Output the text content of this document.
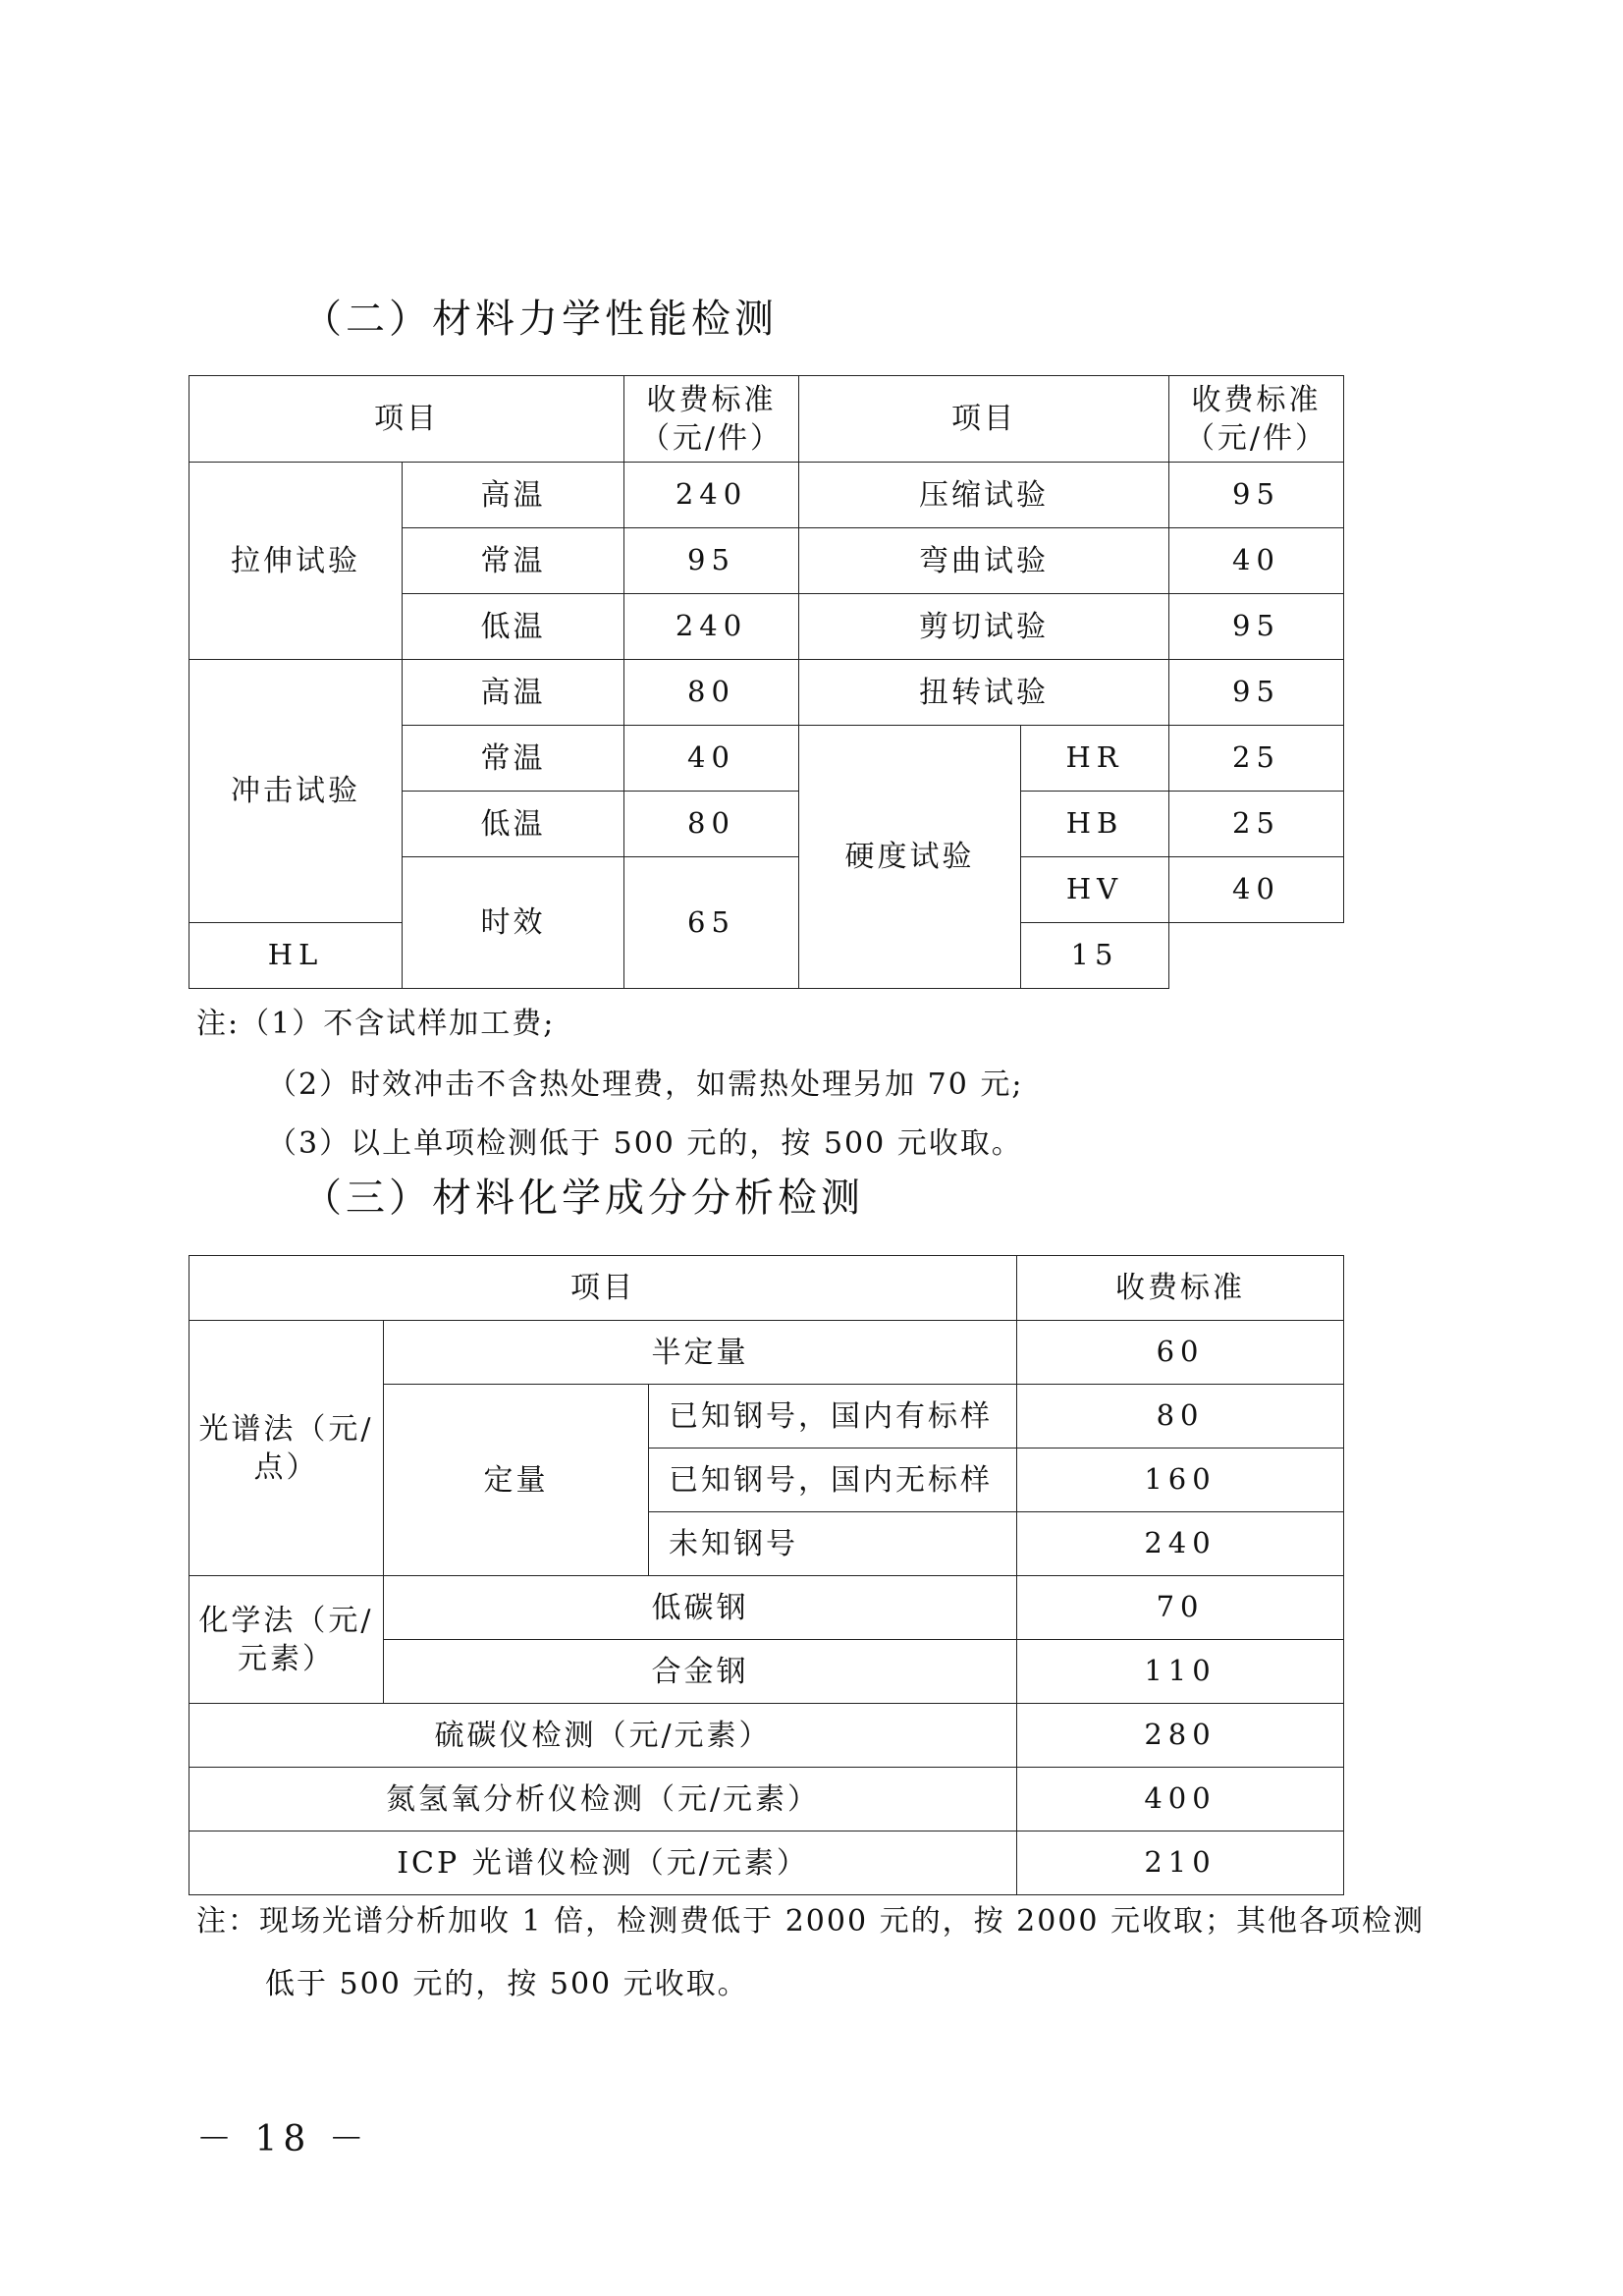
（二）材料力学性能检测
项目		收费标准（元/件）	项目		收费标准（元/件）
拉伸试验	高温	240	压缩试验		95
	常温	95	弯曲试验		40
	低温	240	剪切试验		95
冲击试验	高温	80	扭转试验		95
	常温	40	硬度试验	HR	25
	低温	80		HB	25
	时效	65		HV	40
HL				15	

注:（1）不含试样加工费;

（2）时效冲击不含热处理费，如需热处理另加 70 元;

（3）以上单项检测低于 500 元的，按 500 元收取。

（三）材料化学成分分析检测
项目			收费标准
光谱法（元/点）	半定量		60
	定量	已知钢号，国内有标样	80
		已知钢号，国内无标样	160
		未知钢号	240
化学法（元/元素）	低碳钢		70
	合金钢		110
硫碳仪检测（元/元素）			280
氮氢氧分析仪检测（元/元素）			400
ICP 光谱仪检测（元/元素）			210

注：现场光谱分析加收 1 倍，检测费低于 2000 元的，按 2000 元收取；其他各项检测

低于 500 元的，按 500 元收取。

－ 18 －
